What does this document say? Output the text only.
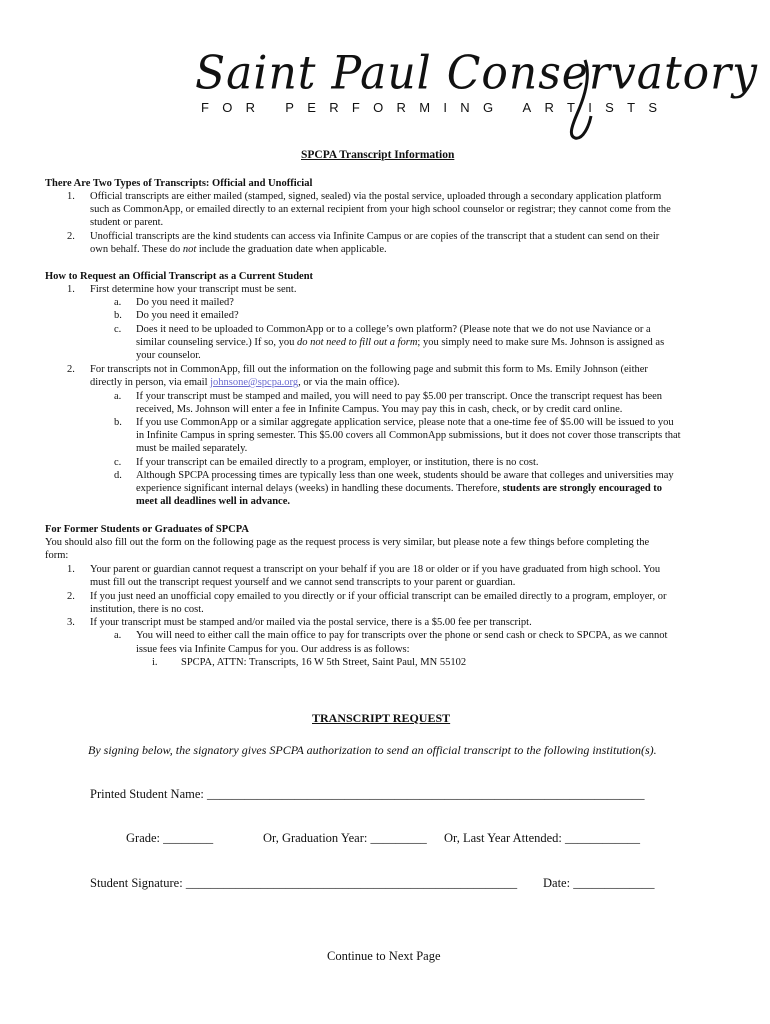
Saint Paul Conservatory
FOR PERFORMING ARTISTS
SPCPA Transcript Information
There Are Two Types of Transcripts: Official and Unofficial
1. Official transcripts are either mailed (stamped, signed, sealed) via the postal service, uploaded through a secondary application platform
such as CommonApp, or emailed directly to an external recipient from your high school counselor or registrar; they cannot come from the
student or parent.
2. Unofficial transcripts are the kind students can access via Infinite Campus or are copies of the transcript that a student can send on their
own behalf. These do not include the graduation date when applicable.
How to Request an Official Transcript as a Current Student
1. First determine how your transcript must be sent.
a. Do you need it mailed?
b. Do you need it emailed?
c. Does it need to be uploaded to CommonApp or to a college’s own platform? (Please note that we do not use Naviance or a
similar counseling service.) If so, you do not need to fill out a form; you simply need to make sure Ms. Johnson is assigned as
your counselor.
2. For transcripts not in CommonApp, fill out the information on the following page and submit this form to Ms. Emily Johnson (either
directly in person, via email johnsone@spcpa.org, or via the main office).
a. If your transcript must be stamped and mailed, you will need to pay $5.00 per transcript. Once the transcript request has been
received, Ms. Johnson will enter a fee in Infinite Campus. You may pay this in cash, check, or by credit card online.
b. If you use CommonApp or a similar aggregate application service, please note that a one-time fee of $5.00 will be issued to you
in Infinite Campus in spring semester. This $5.00 covers all CommonApp submissions, but it does not cover those transcripts that
must be mailed separately.
c. If your transcript can be emailed directly to a program, employer, or institution, there is no cost.
d. Although SPCPA processing times are typically less than one week, students should be aware that colleges and universities may
experience significant internal delays (weeks) in handling these documents. Therefore, students are strongly encouraged to
meet all deadlines well in advance.
For Former Students or Graduates of SPCPA
You should also fill out the form on the following page as the request process is very similar, but please note a few things before completing the
form:
1. Your parent or guardian cannot request a transcript on your behalf if you are 18 or older or if you have graduated from high school. You
must fill out the transcript request yourself and we cannot send transcripts to your parent or guardian.
2. If you just need an unofficial copy emailed to you directly or if your official transcript can be emailed directly to a program, employer, or
institution, there is no cost.
3. If your transcript must be stamped and/or mailed via the postal service, there is a $5.00 fee per transcript.
a. You will need to either call the main office to pay for transcripts over the phone or send cash or check to SPCPA, as we cannot
issue fees via Infinite Campus for you. Our address is as follows:
i. SPCPA, ATTN: Transcripts, 16 W 5th Street, Saint Paul, MN 55102
TRANSCRIPT REQUEST
By signing below, the signatory gives SPCPA authorization to send an official transcript to the following institution(s).
Printed Student Name: ______________________________________________________________________
Grade: ________	Or, Graduation Year: _________ Or, Last Year Attended: ____________
Student Signature: _____________________________________________________ Date: _____________
Continue to Next Page
